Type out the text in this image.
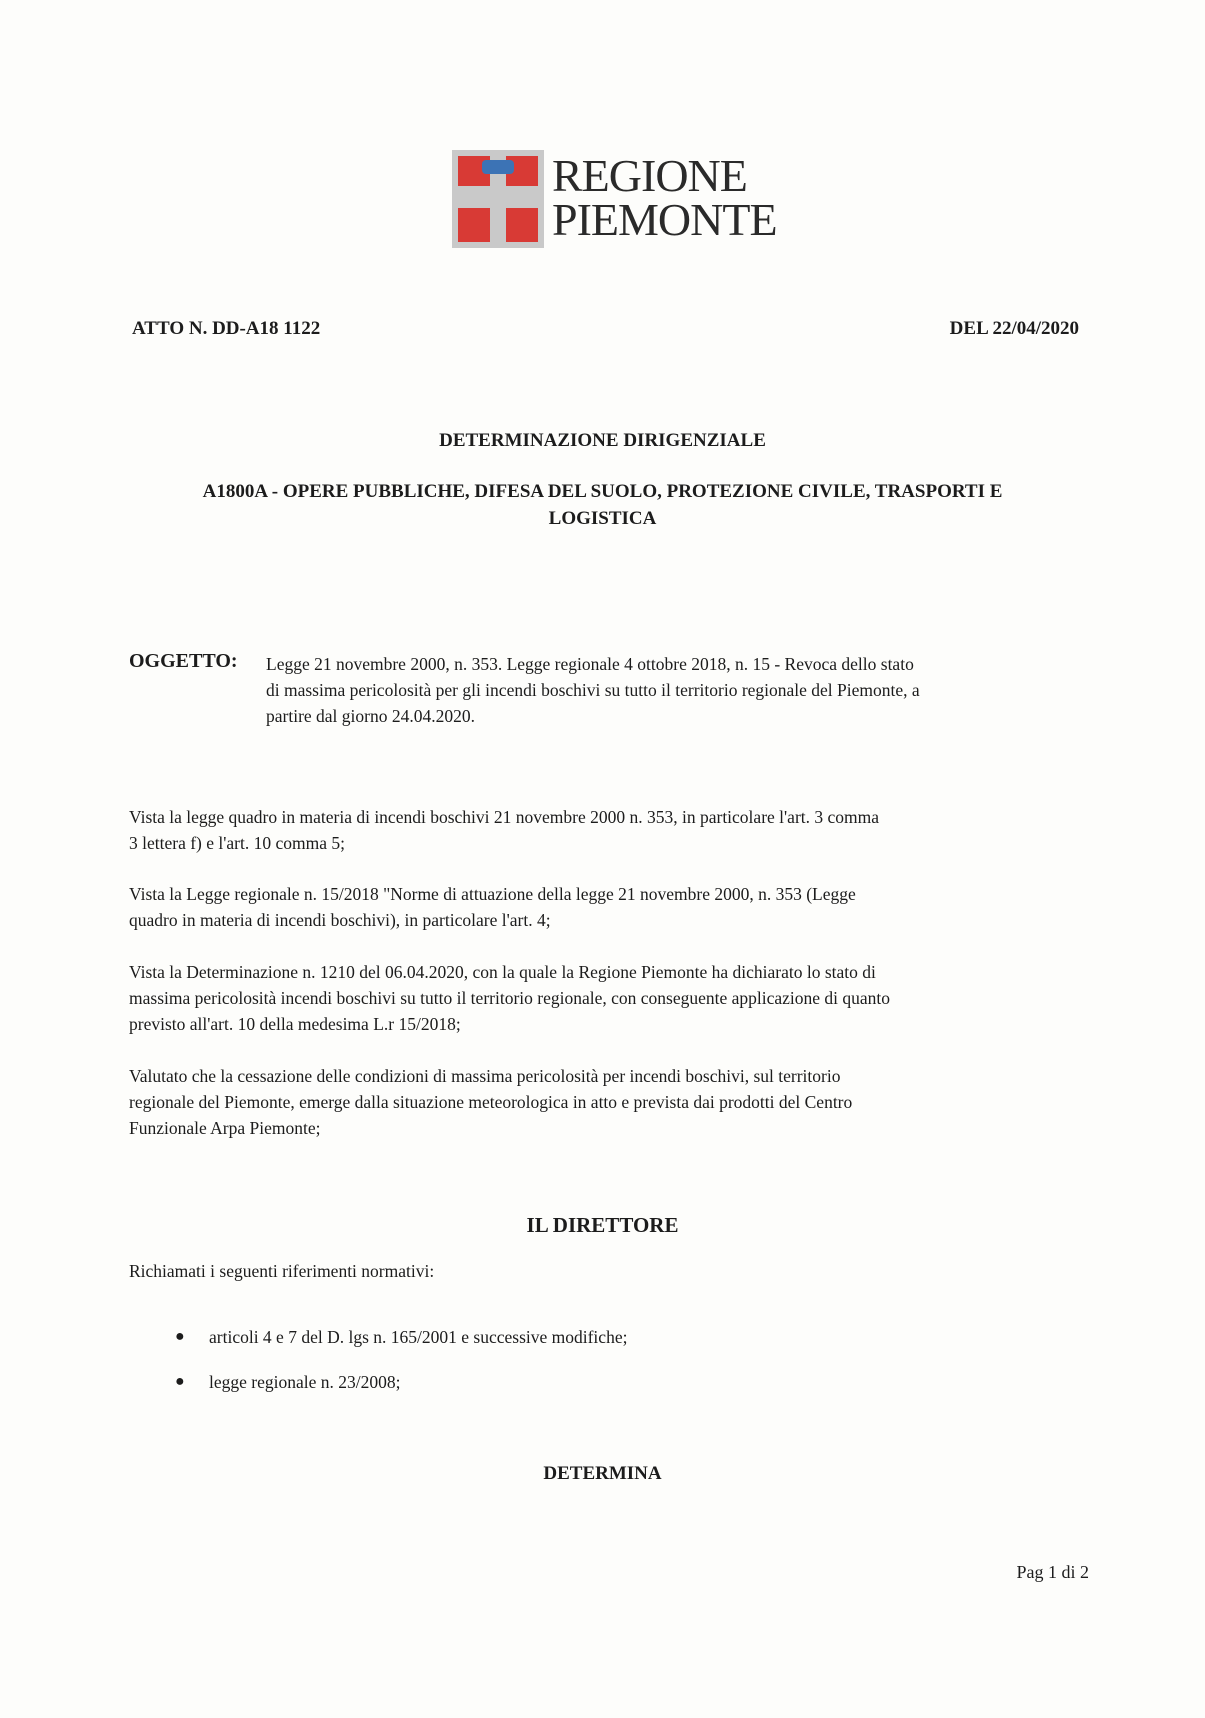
REGIONE
PIEMONTE
ATTO N. DD-A18 1122	DEL 22/04/2020
DETERMINAZIONE DIRIGENZIALE
A1800A - OPERE PUBBLICHE, DIFESA DEL SUOLO, PROTEZIONE CIVILE, TRASPORTI E
LOGISTICA
OGGETTO: Legge 21 novembre 2000, n. 353. Legge regionale 4 ottobre 2018, n. 15 - Revoca dello stato
di massima pericolosità per gli incendi boschivi su tutto il territorio regionale del Piemonte, a
partire dal giorno 24.04.2020.
Vista la legge quadro in materia di incendi boschivi 21 novembre 2000 n. 353, in particolare l'art. 3 comma
3 lettera f) e l'art. 10 comma 5;
Vista la Legge regionale n. 15/2018 "Norme di attuazione della legge 21 novembre 2000, n. 353 (Legge
quadro in materia di incendi boschivi), in particolare l'art. 4;
Vista la Determinazione n. 1210 del 06.04.2020, con la quale la Regione Piemonte ha dichiarato lo stato di
massima pericolosità incendi boschivi su tutto il territorio regionale, con conseguente applicazione di quanto
previsto all'art. 10 della medesima L.r 15/2018;
Valutato che la cessazione delle condizioni di massima pericolosità per incendi boschivi, sul territorio
regionale del Piemonte, emerge dalla situazione meteorologica in atto e prevista dai prodotti del Centro
Funzionale Arpa Piemonte;
IL DIRETTORE
Richiamati i seguenti riferimenti normativi:
● articoli 4 e 7 del D. lgs n. 165/2001 e successive modifiche;
● legge regionale n. 23/2008;
DETERMINA
Pag 1 di 2
